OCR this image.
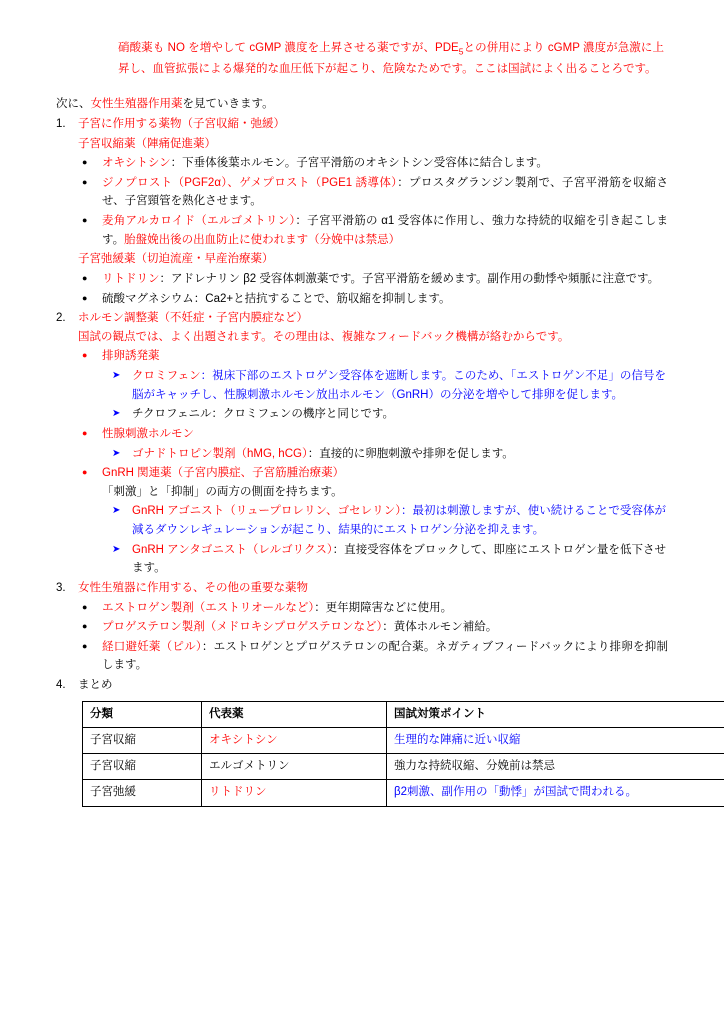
硝酸薬も NO を増やして cGMP 濃度を上昇させる薬ですが、$PDE_5$との併用により cGMP 濃度が急激に上昇し、血管拡張による爆発的な血圧低下が起こり、危険なためです。ここは国試によく出ることろです。
次に、女性生殖器作用薬を見ていきます。
1.	子宮に作用する薬物（子宮収縮・弛緩）
子宮収縮薬（陣痛促進薬）
●
オキシトシン：下垂体後葉ホルモン。子宮平滑筋のオキシトシン受容体に結合します。
●
ジノプロスト（PGF2α）、ゲメプロスト（PGE1 誘導体）：プロスタグランジン製剤で、子宮平滑筋を収縮させ、子宮頸管を熟化させます。
●
麦角アルカロイド（エルゴメトリン）：子宮平滑筋の α1 受容体に作用し、強力な持続的収縮を引き起こします。胎盤娩出後の出血防止に使われます（分娩中は禁忌）
子宮弛緩薬（切迫流産・早産治療薬）
●
リトドリン：アドレナリン β2 受容体刺激薬です。子宮平滑筋を緩めます。副作用の動悸や頻脈に注意です。
●
硫酸マグネシウム：Ca2+と拮抗することで、筋収縮を抑制します。
2.	ホルモン調整薬（不妊症・子宮内膜症など）
国試の観点では、よく出題されます。その理由は、複雑なフィードバック機構が絡むからです。
●
排卵誘発薬
➤
クロミフェン：視床下部のエストロゲン受容体を遮断します。このため、「エストロゲン不足」の信号を脳がキャッチし、性腺刺激ホルモン放出ホルモン（GnRH）の分泌を増やして排卵を促します。
➤
チクロフェニル：クロミフェンの機序と同じです。
●
性腺刺激ホルモン
➤
ゴナドトロピン製剤（hMG, hCG）：直接的に卵胞刺激や排卵を促します。
●
GnRH 関連薬（子宮内膜症、子宮筋腫治療薬）
「刺激」と「抑制」の両方の側面を持ちます。
➤
GnRH アゴニスト（リュープロレリン、ゴセレリン）：最初は刺激しますが、使い続けることで受容体が減るダウンレギュレーションが起こり、結果的にエストロゲン分泌を抑えます。
➤
GnRH アンタゴニスト（レルゴリクス）：直接受容体をブロックして、即座にエストロゲン量を低下させます。
3.	女性生殖器に作用する、その他の重要な薬物
●
エストロゲン製剤（エストリオールなど）：更年期障害などに使用。
●
プロゲステロン製剤（メドロキシプロゲステロンなど）：黄体ホルモン補給。
●
経口避妊薬（ピル）：エストロゲンとプロゲステロンの配合薬。ネガティブフィードバックにより排卵を抑制します。
4.	まとめ
分類	代表薬	国試対策ポイント
子宮収縮	オキシトシン	生理的な陣痛に近い収縮
子宮収縮	エルゴメトリン	強力な持続収縮、分娩前は禁忌
子宮弛緩	リトドリン	β2刺激、副作用の「動悸」が国試で問われる。
